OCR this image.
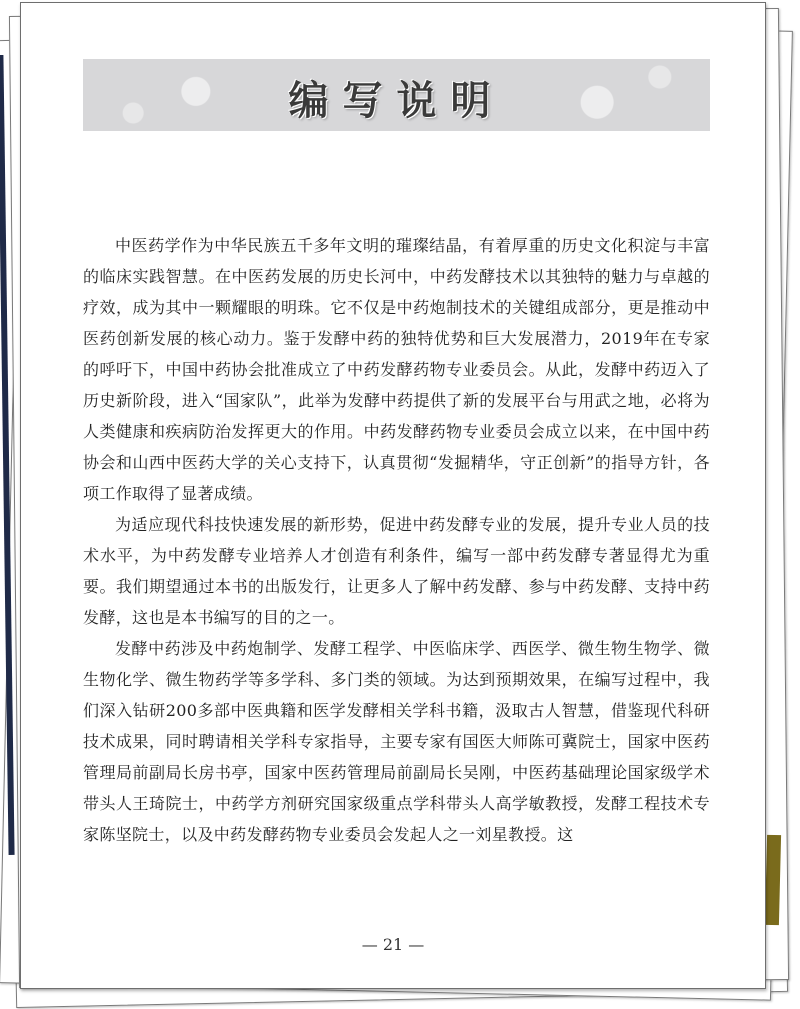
编写说明

中医药学作为中华民族五千多年文明的璀璨结晶，有着厚重的历史文化积淀与丰富的临床实践智慧。在中医药发展的历史长河中，中药发酵技术以其独特的魅力与卓越的疗效，成为其中一颗耀眼的明珠。它不仅是中药炮制技术的关键组成部分，更是推动中医药创新发展的核心动力。鉴于发酵中药的独特优势和巨大发展潜力，2019年在专家的呼吁下，中国中药协会批准成立了中药发酵药物专业委员会。从此，发酵中药迈入了历史新阶段，进入“国家队”，此举为发酵中药提供了新的发展平台与用武之地，必将为人类健康和疾病防治发挥更大的作用。中药发酵药物专业委员会成立以来，在中国中药协会和山西中医药大学的关心支持下，认真贯彻“发掘精华，守正创新”的指导方针，各项工作取得了显著成绩。

为适应现代科技快速发展的新形势，促进中药发酵专业的发展，提升专业人员的技术水平，为中药发酵专业培养人才创造有利条件，编写一部中药发酵专著显得尤为重要。我们期望通过本书的出版发行，让更多人了解中药发酵、参与中药发酵、支持中药发酵，这也是本书编写的目的之一。

发酵中药涉及中药炮制学、发酵工程学、中医临床学、西医学、微生物生物学、微生物化学、微生物药学等多学科、多门类的领域。为达到预期效果，在编写过程中，我们深入钻研200多部中医典籍和医学发酵相关学科书籍，汲取古人智慧，借鉴现代科研技术成果，同时聘请相关学科专家指导，主要专家有国医大师陈可冀院士，国家中医药管理局前副局长房书亭，国家中医药管理局前副局长吴刚，中医药基础理论国家级学术带头人王琦院士，中药学方剂研究国家级重点学科带头人高学敏教授，发酵工程技术专家陈坚院士，以及中药发酵药物专业委员会发起人之一刘星教授。这

— 21 —
